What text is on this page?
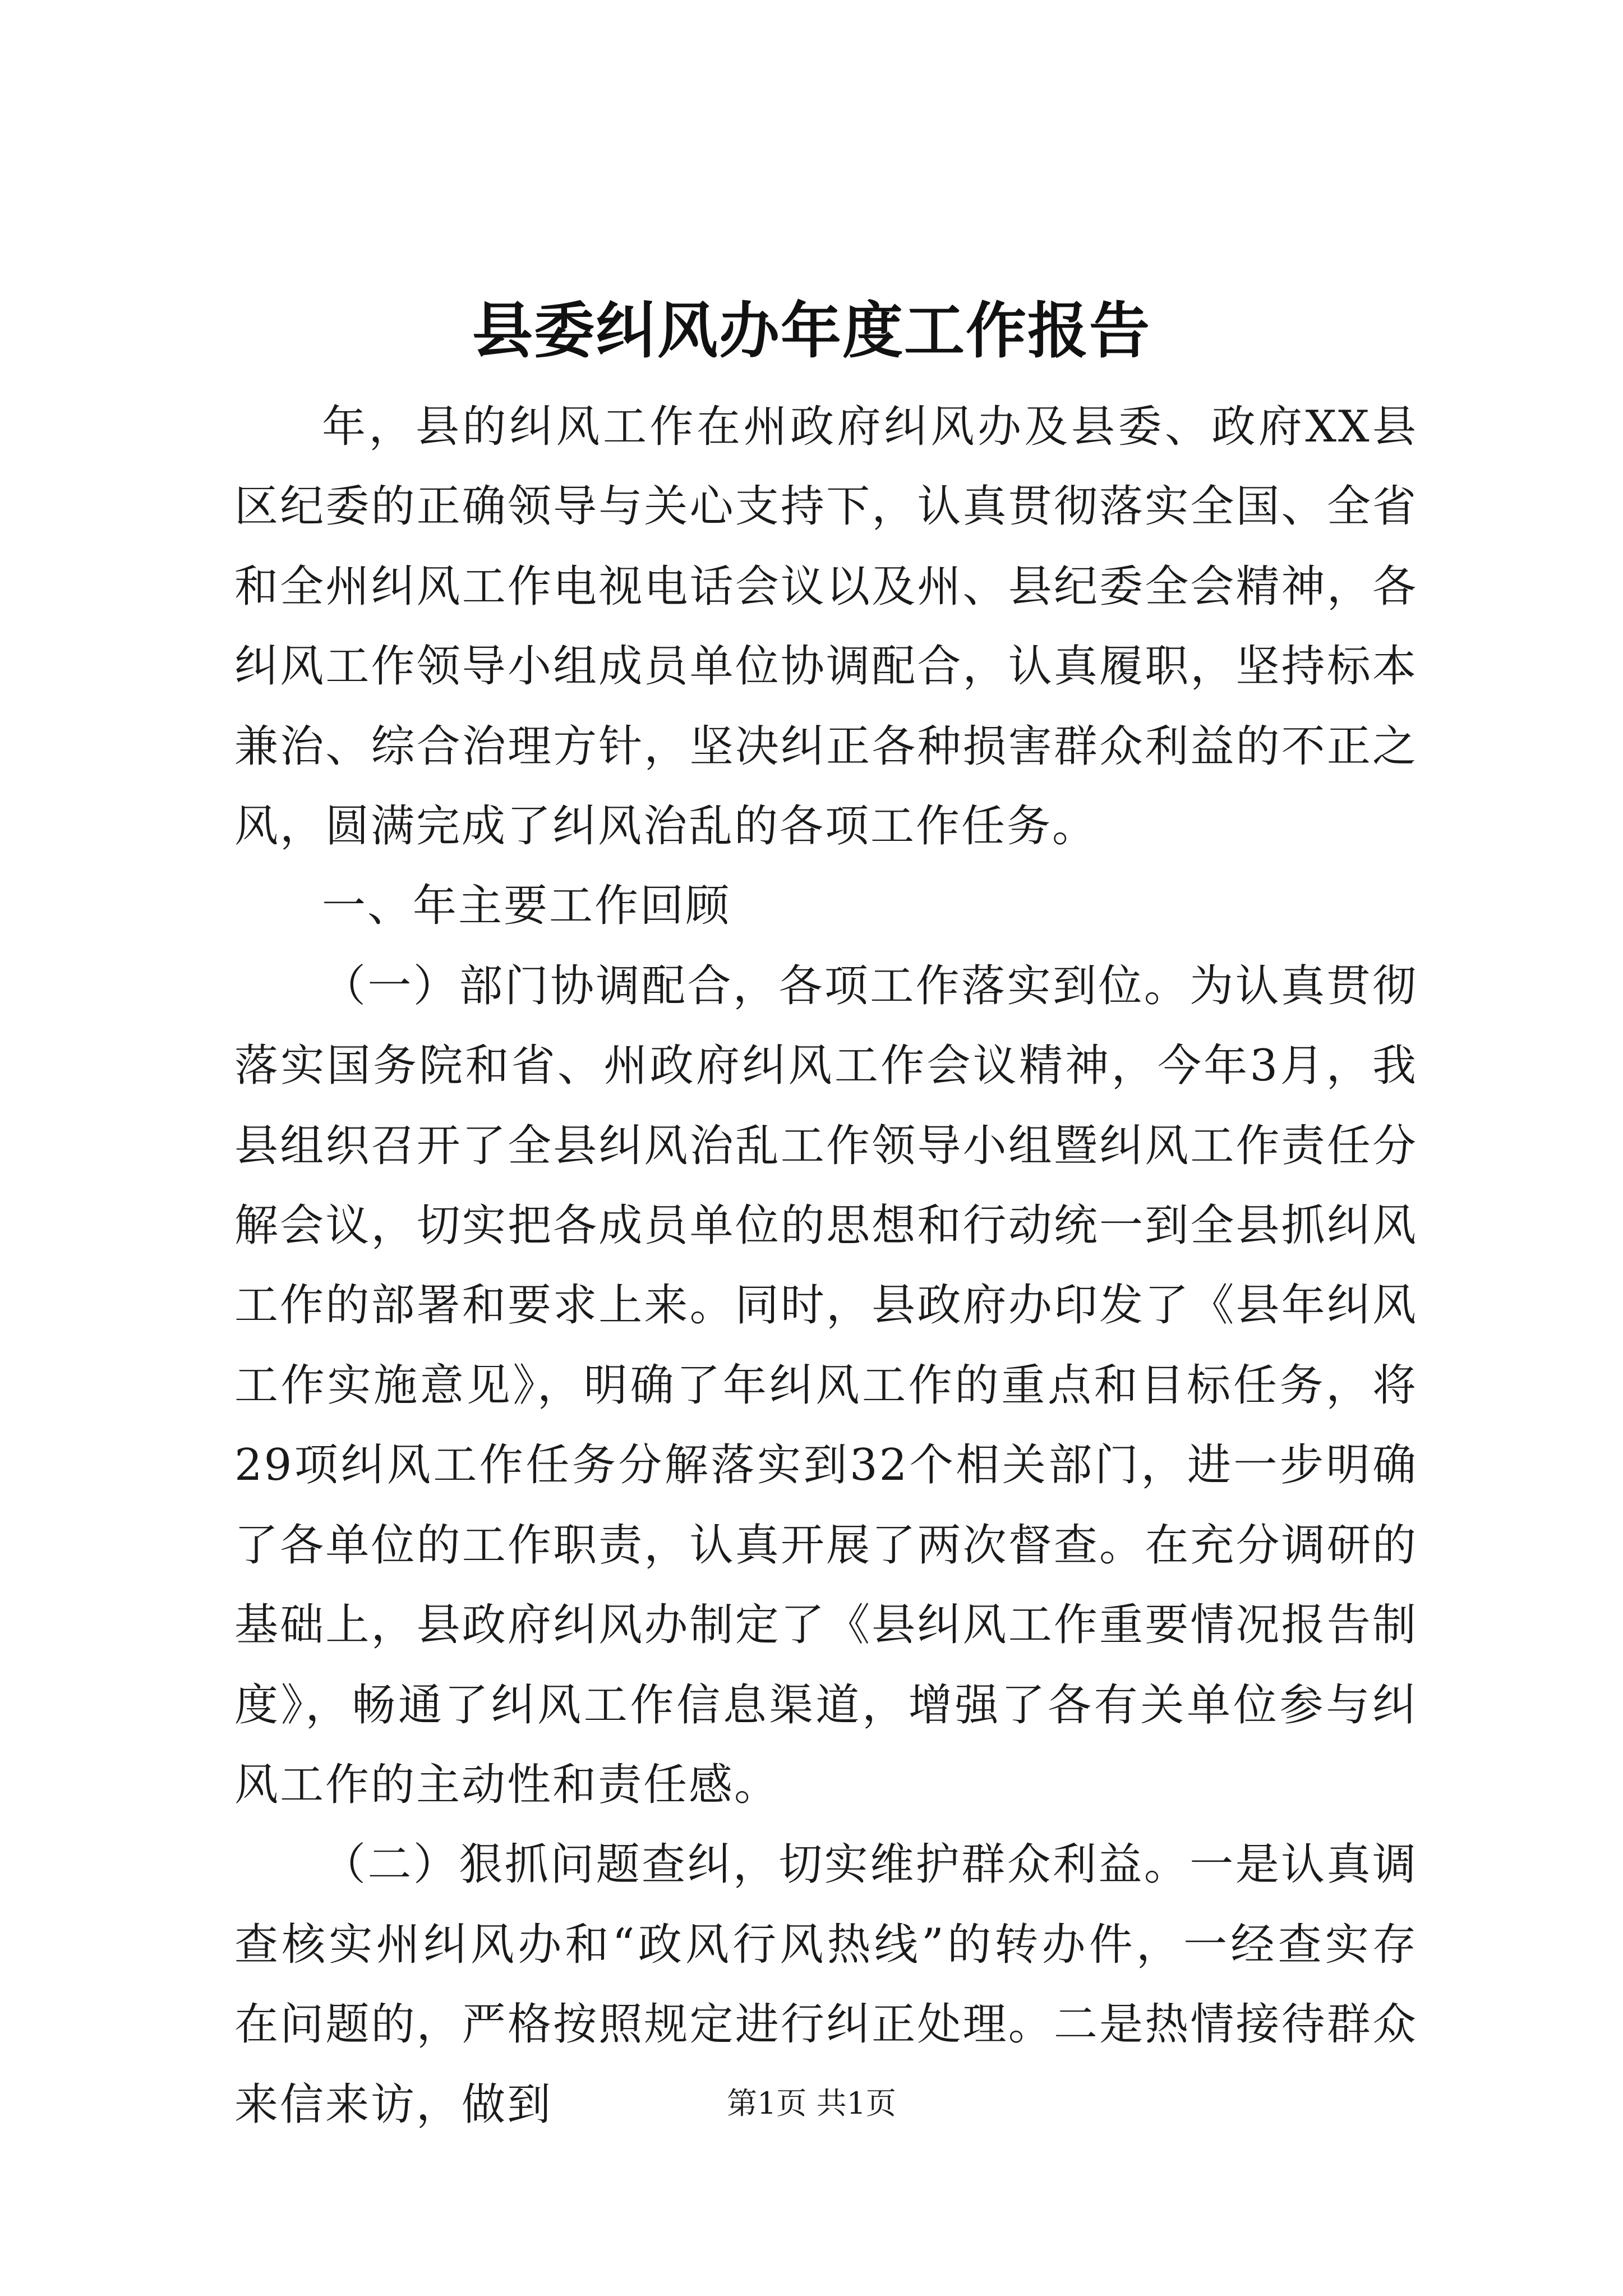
县委纠风办年度工作报告

年，县的纠风工作在州政府纠风办及县委、政府XX县区纪委的正确领导与关心支持下，认真贯彻落实全国、全省和全州纠风工作电视电话会议以及州、县纪委全会精神，各纠风工作领导小组成员单位协调配合，认真履职，坚持标本兼治、综合治理方针，坚决纠正各种损害群众利益的不正之风，圆满完成了纠风治乱的各项工作任务。

一、年主要工作回顾

（一）部门协调配合，各项工作落实到位。为认真贯彻落实国务院和省、州政府纠风工作会议精神，今年3月，我县组织召开了全县纠风治乱工作领导小组暨纠风工作责任分解会议，切实把各成员单位的思想和行动统一到全县抓纠风工作的部署和要求上来。同时，县政府办印发了《县年纠风工作实施意见》，明确了年纠风工作的重点和目标任务，将29项纠风工作任务分解落实到32个相关部门，进一步明确了各单位的工作职责，认真开展了两次督查。在充分调研的基础上，县政府纠风办制定了《县纠风工作重要情况报告制度》，畅通了纠风工作信息渠道，增强了各有关单位参与纠风工作的主动性和责任感。

（二）狠抓问题查纠，切实维护群众利益。一是认真调查核实州纠风办和“政风行风热线”的转办件，一经查实存在问题的，严格按照规定进行纠正处理。二是热情接待群众来信来访，做到	第1页 共1页
